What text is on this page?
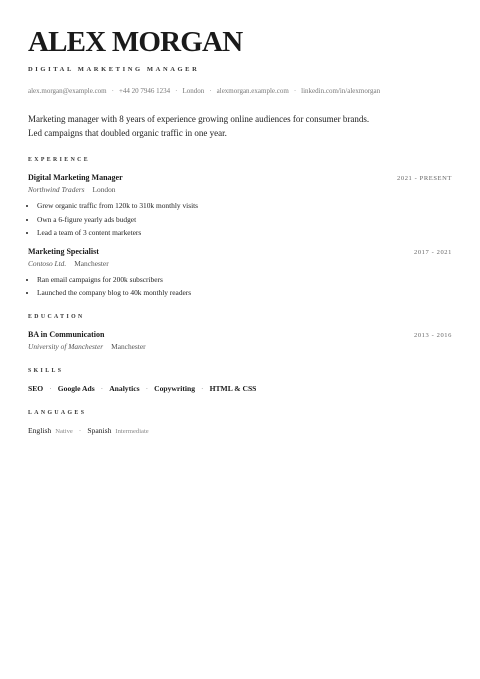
ALEX MORGAN
DIGITAL MARKETING MANAGER
alex.morgan@example.com · +44 20 7946 1234 · London · alexmorgan.example.com · linkedin.com/in/alexmorgan
Marketing manager with 8 years of experience growing online audiences for consumer brands. Led campaigns that doubled organic traffic in one year.
EXPERIENCE
Digital Marketing Manager	2021 - PRESENT
Northwind Traders London
• Grew organic traffic from 120k to 310k monthly visits
• Own a 6-figure yearly ads budget
• Lead a team of 3 content marketers
Marketing Specialist	2017 - 2021
Contoso Ltd. Manchester
• Ran email campaigns for 200k subscribers
• Launched the company blog to 40k monthly readers
EDUCATION
BA in Communication	2013 - 2016
University of Manchester Manchester
SKILLS
SEO · Google Ads · Analytics · Copywriting · HTML & CSS
LANGUAGES
English Native · Spanish Intermediate
